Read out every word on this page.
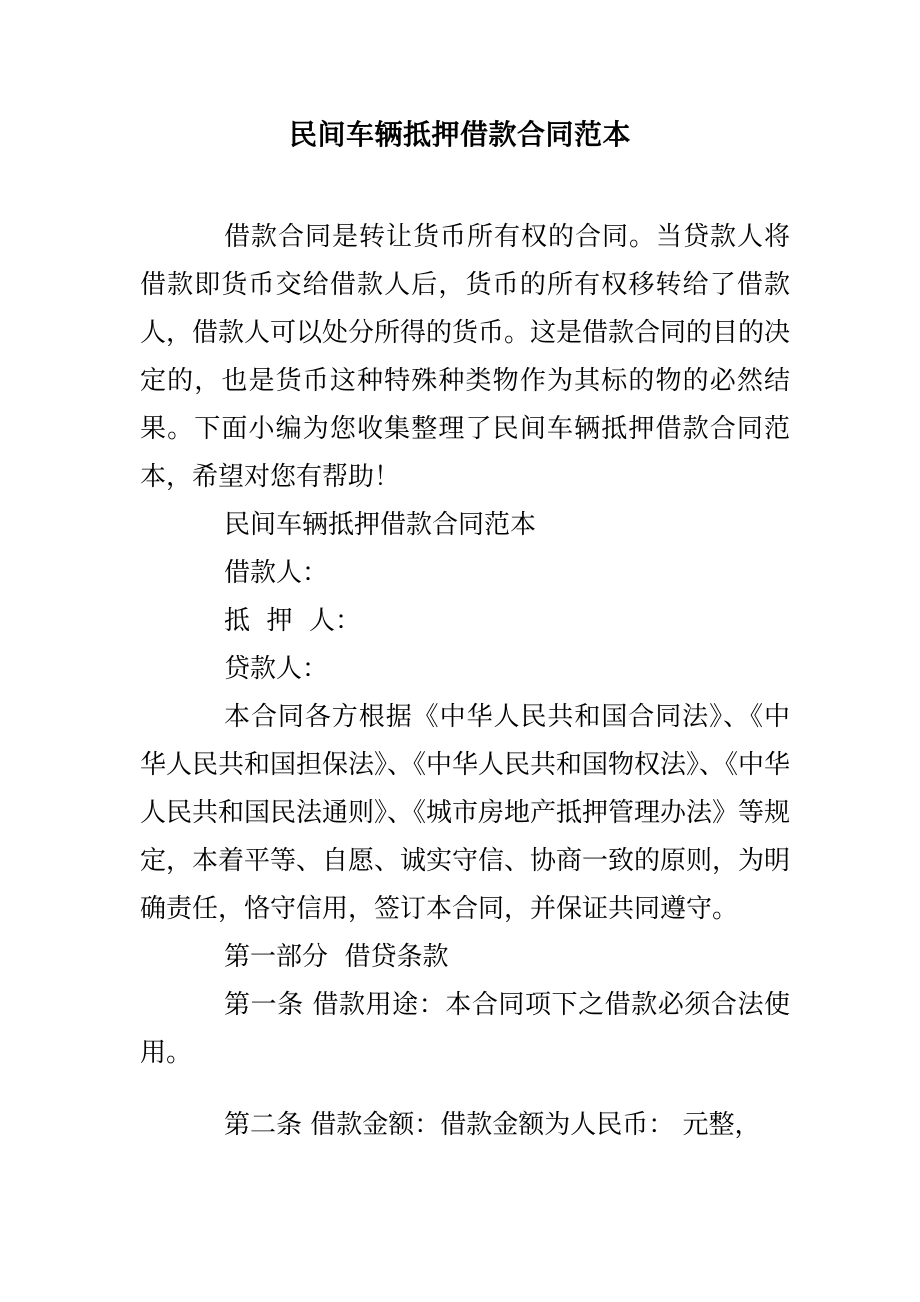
民间车辆抵押借款合同范本

借款合同是转让货币所有权的合同。当贷款人将借款即货币交给借款人后，货币的所有权移转给了借款人，借款人可以处分所得的货币。这是借款合同的目的决定的，也是货币这种特殊种类物作为其标的物的必然结果。下面小编为您收集整理了民间车辆抵押借款合同范本，希望对您有帮助！

民间车辆抵押借款合同范本

借款人：

抵  押  人：

贷款人：

本合同各方根据《中华人民共和国合同法》、《中华人民共和国担保法》、《中华人民共和国物权法》、《中华人民共和国民法通则》、《城市房地产抵押管理办法》等规定，本着平等、自愿、诚实守信、协商一致的原则，为明确责任，恪守信用，签订本合同，并保证共同遵守。

第一部分  借贷条款

第一条 借款用途：本合同项下之借款必须合法使用。

第二条 借款金额：借款金额为人民币： 元整，
